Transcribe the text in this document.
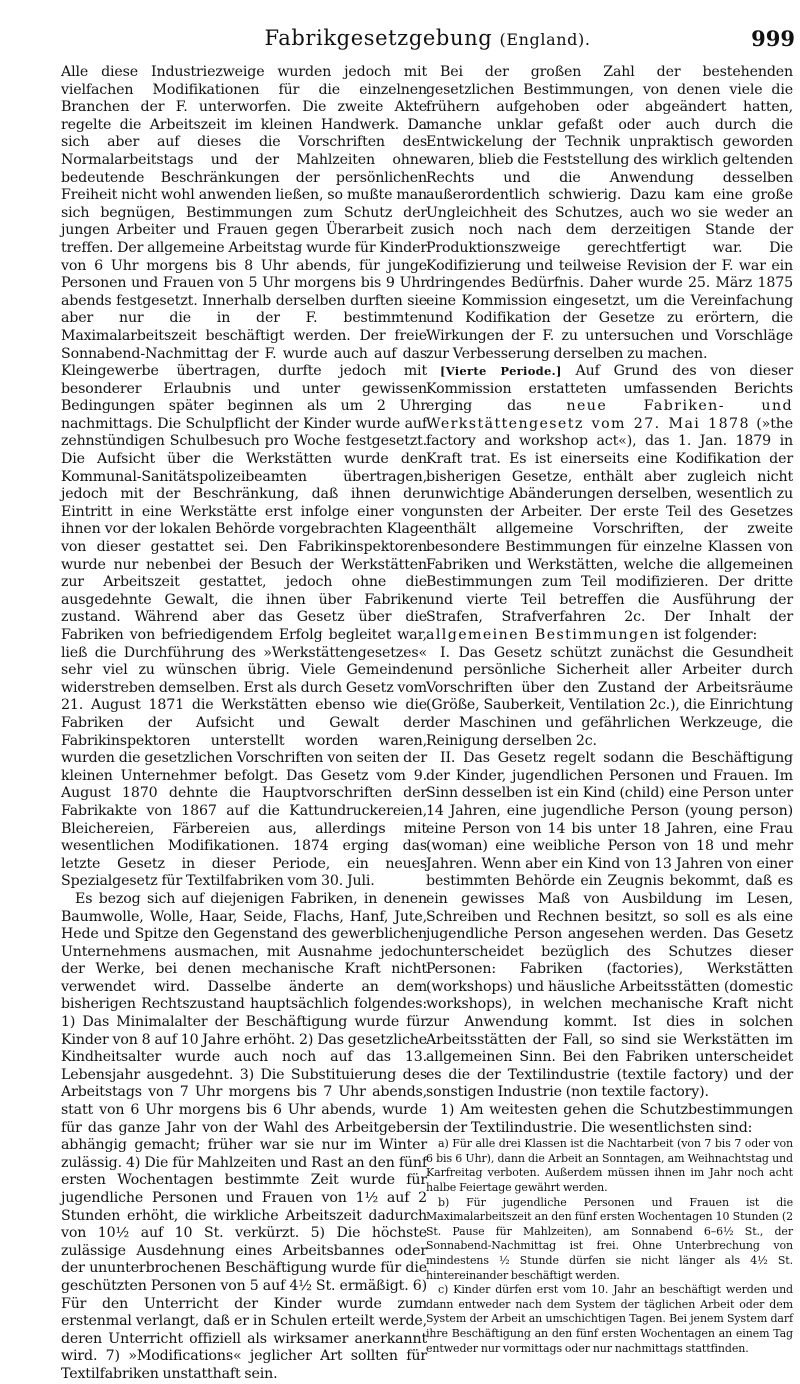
Fabrikgesetzgebung (England).	999

Alle diese Industriezweige wurden jedoch mit vielfachen Modifikationen für die einzelnen Branchen der F. unterworfen. Die zweite Akte regelte die Arbeitszeit im kleinen Handwerk. Da sich aber auf dieses die Vorschriften des Normalarbeitstags und der Mahlzeiten ohne bedeutende Beschränkungen der persönlichen Freiheit nicht wohl anwenden ließen, so mußte man sich begnügen, Bestimmungen zum Schutz der jungen Arbeiter und Frauen gegen Überarbeit zu treffen. Der allgemeine Arbeitstag wurde für Kinder von 6 Uhr morgens bis 8 Uhr abends, für junge Personen und Frauen von 5 Uhr morgens bis 9 Uhr abends festgesetzt. Innerhalb derselben durften sie aber nur die in der F. bestimmten Maximalarbeitszeit beschäftigt werden. Der freie Sonnabend-Nachmittag der F. wurde auch auf das Kleingewerbe übertragen, durfte jedoch mit besonderer Erlaubnis und unter gewissen Bedingungen später beginnen als um 2 Uhr nachmittags. Die Schulpflicht der Kinder wurde auf zehnstündigen Schulbesuch pro Woche festgesetzt. Die Aufsicht über die Werkstätten wurde den Kommunal-Sanitätspolizeibeamten übertragen, jedoch mit der Beschränkung, daß ihnen der Eintritt in eine Werkstätte erst infolge einer von ihnen vor der lokalen Behörde vorgebrachten Klage von dieser gestattet sei. Den Fabrikinspektoren wurde nur nebenbei der Besuch der Werkstätten zur Arbeitszeit gestattet, jedoch ohne die ausgedehnte Gewalt, die ihnen über Fabriken zustand. Während aber das Gesetz über die Fabriken von befriedigendem Erfolg begleitet war, ließ die Durchführung des »Werkstättengesetzes« sehr viel zu wünschen übrig. Viele Gemeinden widerstreben demselben. Erst als durch Gesetz vom 21. August 1871 die Werkstätten ebenso wie die Fabriken der Aufsicht und Gewalt der Fabrikinspektoren unterstellt worden waren, wurden die gesetzlichen Vorschriften von seiten der kleinen Unternehmer befolgt. Das Gesetz vom 9. August 1870 dehnte die Hauptvorschriften der Fabrikakte von 1867 auf die Kattundruckereien, Bleichereien, Färbereien aus, allerdings mit wesentlichen Modifikationen. 1874 erging das letzte Gesetz in dieser Periode, ein neues Spezialgesetz für Textilfabriken vom 30. Juli.

Es bezog sich auf diejenigen Fabriken, in denen Baumwolle, Wolle, Haar, Seide, Flachs, Hanf, Jute, Hede und Spitze den Gegenstand des gewerblichen Unternehmens ausmachen, mit Ausnahme jedoch der Werke, bei denen mechanische Kraft nicht verwendet wird. Dasselbe änderte an dem bisherigen Rechtszustand hauptsächlich folgendes: 1) Das Minimalalter der Beschäftigung wurde für Kinder von 8 auf 10 Jahre erhöht. 2) Das gesetzliche Kindheitsalter wurde auch noch auf das 13. Lebensjahr ausgedehnt. 3) Die Substituierung des Arbeitstags von 7 Uhr morgens bis 7 Uhr abends, statt von 6 Uhr morgens bis 6 Uhr abends, wurde für das ganze Jahr von der Wahl des Arbeitgebers abhängig gemacht; früher war sie nur im Winter zulässig. 4) Die für Mahlzeiten und Rast an den fünf ersten Wochentagen bestimmte Zeit wurde für jugendliche Personen und Frauen von 1½ auf 2 Stunden erhöht, die wirkliche Arbeitszeit dadurch von 10½ auf 10 St. verkürzt. 5) Die höchste zulässige Ausdehnung eines Arbeitsbannes oder der ununterbrochenen Beschäftigung wurde für die geschützten Personen von 5 auf 4½ St. ermäßigt. 6) Für den Unterricht der Kinder wurde zum erstenmal verlangt, daß er in Schulen erteilt werde, deren Unterricht offiziell als wirksamer anerkannt wird. 7) »Modifications« jeglicher Art sollten für Textilfabriken unstatthaft sein.

Bei der großen Zahl der bestehenden gesetzlichen Bestimmungen, von denen viele die frühern aufgehoben oder abgeändert hatten, manche unklar gefaßt oder auch durch die Entwickelung der Technik unpraktisch geworden waren, blieb die Feststellung des wirklich geltenden Rechts und die Anwendung desselben außerordentlich schwierig. Dazu kam eine große Ungleichheit des Schutzes, auch wo sie weder an sich noch nach dem derzeitigen Stande der Produktionszweige gerechtfertigt war. Die Kodifizierung und teilweise Revision der F. war ein dringendes Bedürfnis. Daher wurde 25. März 1875 eine Kommission eingesetzt, um die Vereinfachung und Kodifikation der Gesetze zu erörtern, die Wirkungen der F. zu untersuchen und Vorschläge zur Verbesserung derselben zu machen.

[Vierte Periode.] Auf Grund des von dieser Kommission erstatteten umfassenden Berichts erging das neue Fabriken- und Werkstättengesetz vom 27. Mai 1878 (»the factory and workshop act«), das 1. Jan. 1879 in Kraft trat. Es ist einerseits eine Kodifikation der bisherigen Gesetze, enthält aber zugleich nicht unwichtige Abänderungen derselben, wesentlich zu gunsten der Arbeiter. Der erste Teil des Gesetzes enthält allgemeine Vorschriften, der zweite besondere Bestimmungen für einzelne Klassen von Fabriken und Werkstätten, welche die allgemeinen Bestimmungen zum Teil modifizieren. Der dritte und vierte Teil betreffen die Ausführung der Strafen, Strafverfahren 2c. Der Inhalt der allgemeinen Bestimmungen ist folgender:

I. Das Gesetz schützt zunächst die Gesundheit und persönliche Sicherheit aller Arbeiter durch Vorschriften über den Zustand der Arbeitsräume (Größe, Sauberkeit, Ventilation 2c.), die Einrichtung der Maschinen und gefährlichen Werkzeuge, die Reinigung derselben 2c.

II. Das Gesetz regelt sodann die Beschäftigung der Kinder, jugendlichen Personen und Frauen. Im Sinn desselben ist ein Kind (child) eine Person unter 14 Jahren, eine jugendliche Person (young person) eine Person von 14 bis unter 18 Jahren, eine Frau (woman) eine weibliche Person von 18 und mehr Jahren. Wenn aber ein Kind von 13 Jahren von einer bestimmten Behörde ein Zeugnis bekommt, daß es ein gewisses Maß von Ausbildung im Lesen, Schreiben und Rechnen besitzt, so soll es als eine jugendliche Person angesehen werden. Das Gesetz unterscheidet bezüglich des Schutzes dieser Personen: Fabriken (factories), Werkstätten (workshops) und häusliche Arbeitsstätten (domestic workshops), in welchen mechanische Kraft nicht zur Anwendung kommt. Ist dies in solchen Arbeitsstätten der Fall, so sind sie Werkstätten im allgemeinen Sinn. Bei den Fabriken unterscheidet es die der Textilindustrie (textile factory) und der sonstigen Industrie (non textile factory).

1) Am weitesten gehen die Schutzbestimmungen in der Textilindustrie. Die wesentlichsten sind:

a) Für alle drei Klassen ist die Nachtarbeit (von 7 bis 7 oder von 6 bis 6 Uhr), dann die Arbeit an Sonntagen, am Weihnachtstag und Karfreitag verboten. Außerdem müssen ihnen im Jahr noch acht halbe Feiertage gewährt werden.

b) Für jugendliche Personen und Frauen ist die Maximalarbeitszeit an den fünf ersten Wochentagen 10 Stunden (2 St. Pause für Mahlzeiten), am Sonnabend 6–6½ St., der Sonnabend-Nachmittag ist frei. Ohne Unterbrechung von mindestens ½ Stunde dürfen sie nicht länger als 4½ St. hintereinander beschäftigt werden.

c) Kinder dürfen erst vom 10. Jahr an beschäftigt werden und dann entweder nach dem System der täglichen Arbeit oder dem System der Arbeit an umschichtigen Tagen. Bei jenem System darf ihre Beschäftigung an den fünf ersten Wochentagen an einem Tag entweder nur vormittags oder nur nachmittags stattfinden.
